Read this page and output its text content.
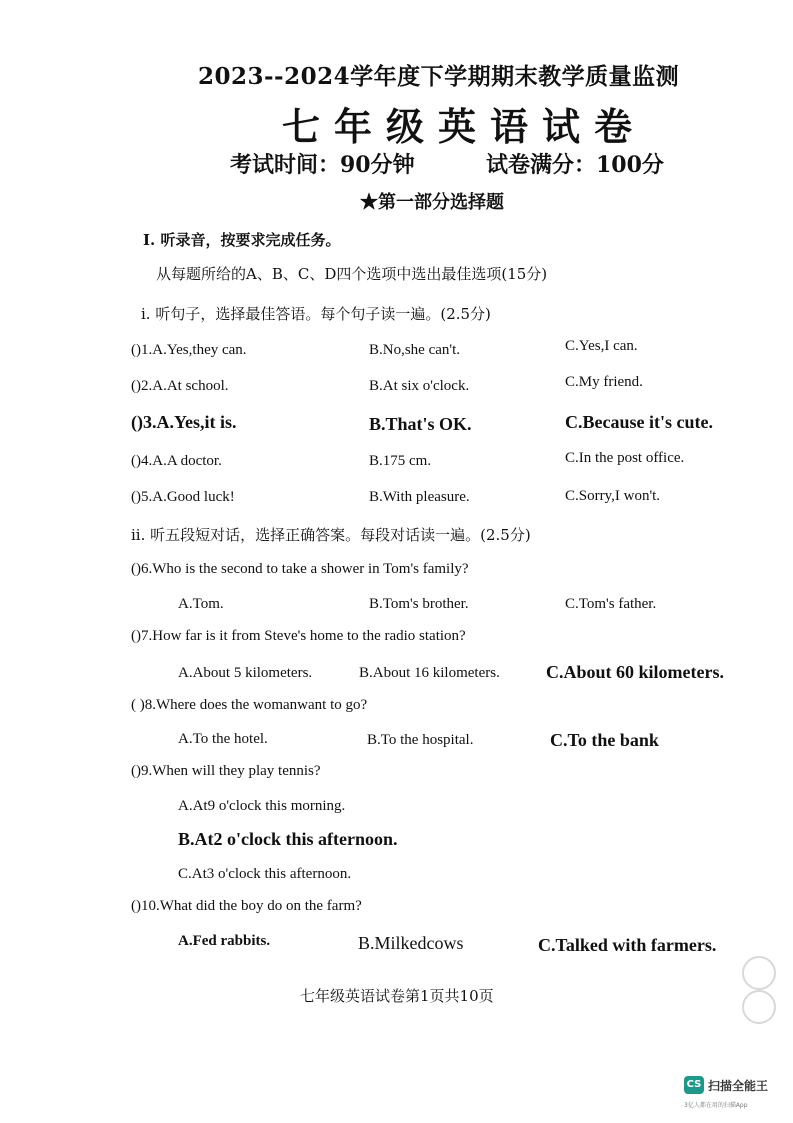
2023--2024学年度下学期期末教学质量监测
七年级英语试卷
考试时间：90分钟	试卷满分：100分
★第一部分选择题
I. 听录音，按要求完成任务。
从每题所给的A、B、C、D四个选项中选出最佳选项(15分)
i. 听句子，选择最佳答语。每个句子读一遍。(2.5分)
()1.A.Yes,they can.	B.No,she can't.	C.Yes,I can.
()2.A.At school.	B.At six o'clock.	C.My friend.
()3.A.Yes,it is.	B.That's OK.	C.Because it's cute.
()4.A.A doctor.	B.175 cm.	C.In the post office.
()5.A.Good luck!	B.With pleasure.	C.Sorry,I won't.
ii. 听五段短对话，选择正确答案。每段对话读一遍。(2.5分)
()6.Who is the second to take a shower in Tom's family?
A.Tom.	B.Tom's brother.	C.Tom's father.
()7.How far is it from Steve's home to the radio station?
A.About 5 kilometers.	B.About 16 kilometers.	C.About 60 kilometers.
( )8.Where does the womanwant to go?
A.To the hotel.	B.To the hospital.	C.To the bank
()9.When will they play tennis?
A.At9 o'clock this morning.
B.At2 o'clock this afternoon.
C.At3 o'clock this afternoon.
()10.What did the boy do on the farm?
A.Fed rabbits.	B.Milkedcows	C.Talked with farmers.
七年级英语试卷第1页共10页
CS 扫描全能王
3亿人都在用的扫描App
